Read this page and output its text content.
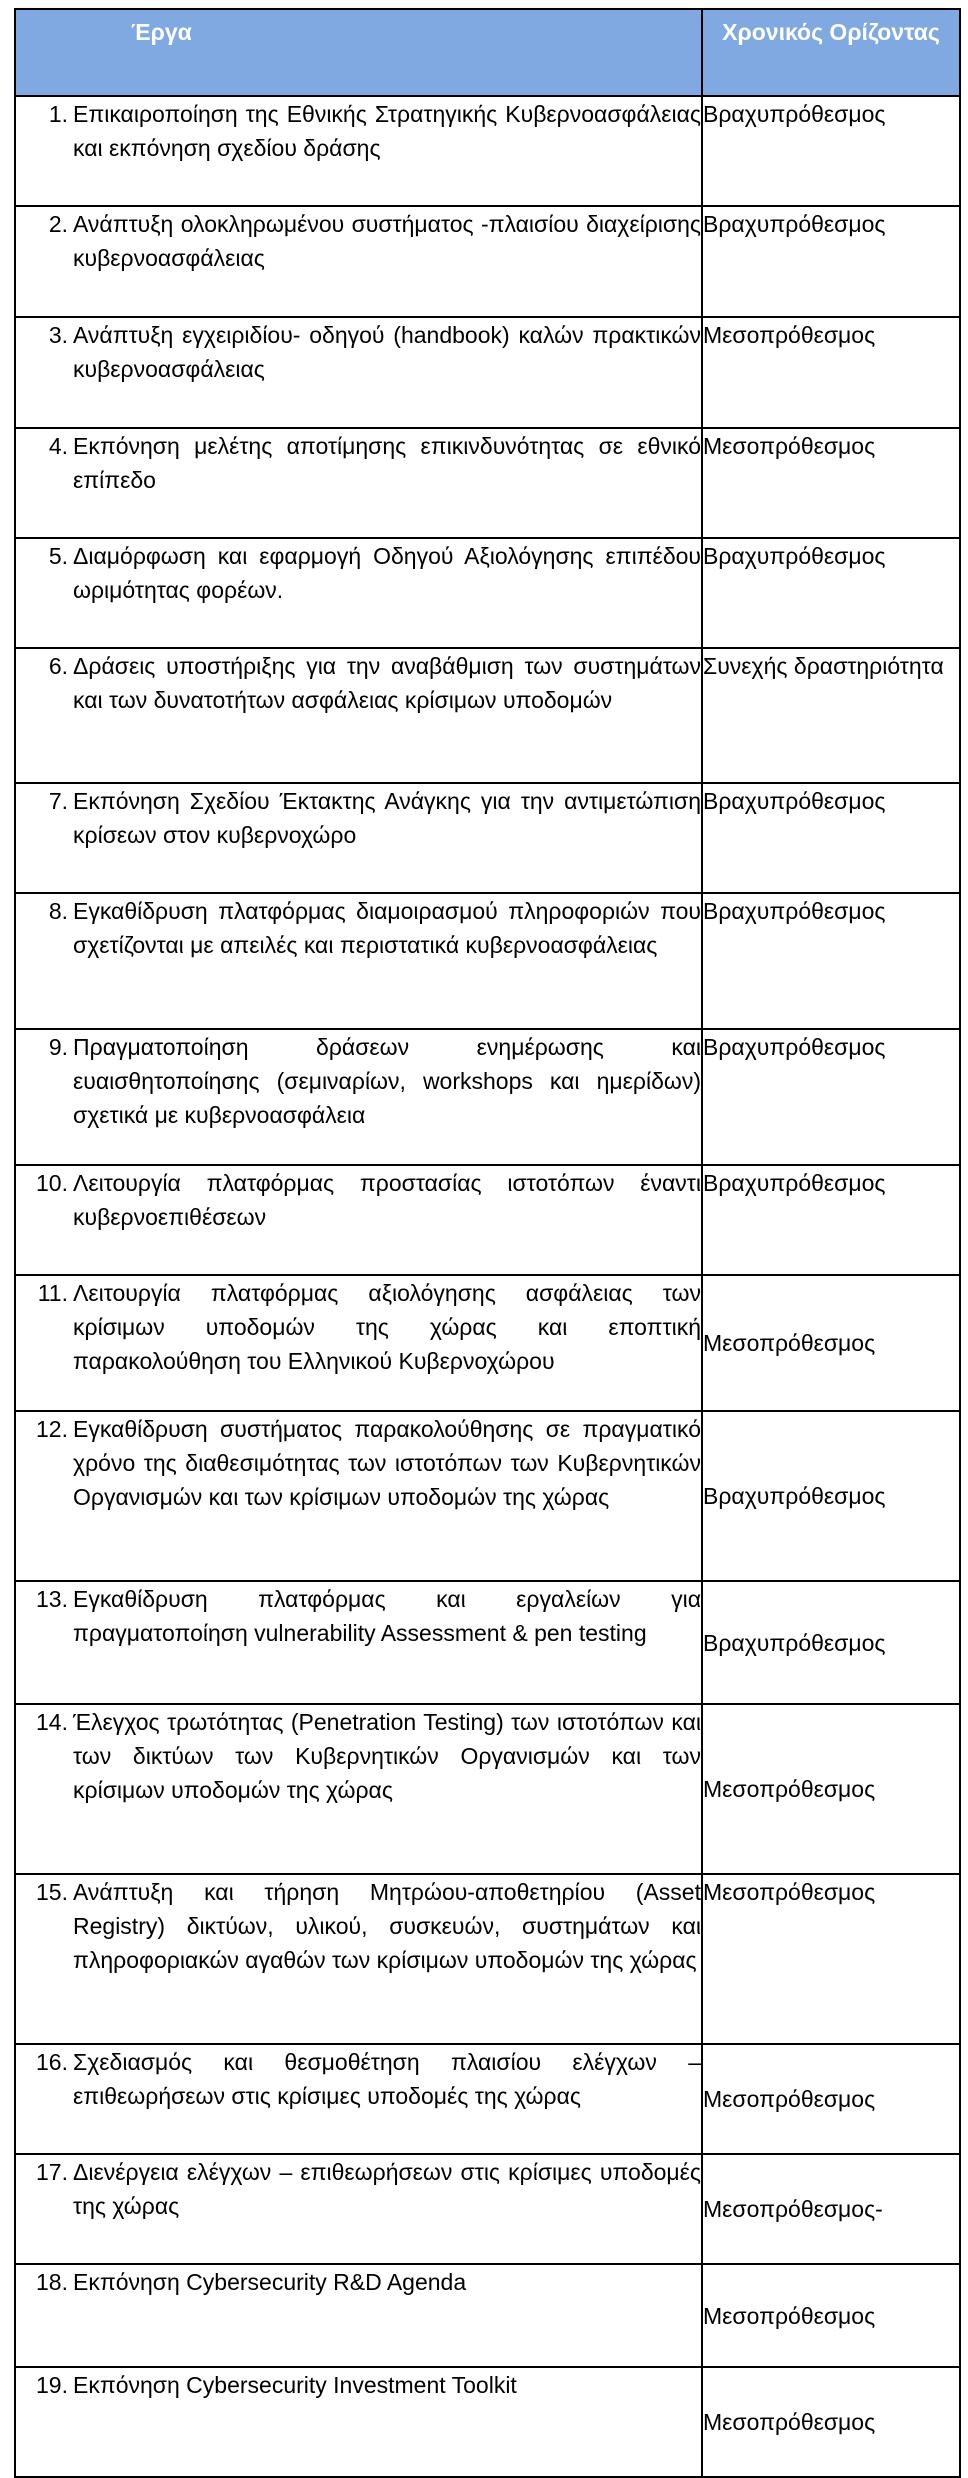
Έργα	Χρονικός Ορίζοντας

1. Επικαιροποίηση της Εθνικής Στρατηγικής Κυβερνοασφάλειας και εκπόνηση σχεδίου δράσης	Βραχυπρόθεσμος

2. Ανάπτυξη ολοκληρωμένου συστήματος -πλαισίου διαχείρισης κυβερνοασφάλειας	Βραχυπρόθεσμος

3. Ανάπτυξη εγχειριδίου- οδηγού (handbook) καλών πρακτικών κυβερνοασφάλειας	Μεσοπρόθεσμος

4. Εκπόνηση μελέτης αποτίμησης επικινδυνότητας σε εθνικό επίπεδο	Μεσοπρόθεσμος

5. Διαμόρφωση και εφαρμογή Οδηγού Αξιολόγησης επιπέδου ωριμότητας φορέων.	Βραχυπρόθεσμος

6. Δράσεις υποστήριξης για την αναβάθμιση των συστημάτων και των δυνατοτήτων ασφάλειας κρίσιμων υποδομών	Συνεχής δραστηριότητα

7. Εκπόνηση Σχεδίου Έκτακτης Ανάγκης για την αντιμετώπιση κρίσεων στον κυβερνοχώρο	Βραχυπρόθεσμος

8. Εγκαθίδρυση πλατφόρμας διαμοιρασμού πληροφοριών που σχετίζονται με απειλές και περιστατικά κυβερνοασφάλειας	Βραχυπρόθεσμος

9. Πραγματοποίηση δράσεων ενημέρωσης και ευαισθητοποίησης (σεμιναρίων, workshops και ημερίδων) σχετικά με κυβερνοασφάλεια	Βραχυπρόθεσμος

10. Λειτουργία πλατφόρμας προστασίας ιστοτόπων έναντι κυβερνοεπιθέσεων	Βραχυπρόθεσμος

11. Λειτουργία πλατφόρμας αξιολόγησης ασφάλειας των κρίσιμων υποδομών της χώρας και εποπτική παρακολούθηση του Ελληνικού Κυβερνοχώρου	Μεσοπρόθεσμος

12. Εγκαθίδρυση συστήματος παρακολούθησης σε πραγματικό χρόνο της διαθεσιμότητας των ιστοτόπων των Κυβερνητικών Οργανισμών και των κρίσιμων υποδομών της χώρας	Βραχυπρόθεσμος

13. Εγκαθίδρυση πλατφόρμας και εργαλείων για πραγματοποίηση vulnerability Assessment & pen testing	Βραχυπρόθεσμος

14. Έλεγχος τρωτότητας (Penetration Testing) των ιστοτόπων και των δικτύων των Κυβερνητικών Οργανισμών και των κρίσιμων υποδομών της χώρας	Μεσοπρόθεσμος

15. Ανάπτυξη και τήρηση Μητρώου-αποθετηρίου (Asset Registry) δικτύων, υλικού, συσκευών, συστημάτων και πληροφοριακών αγαθών των κρίσιμων υποδομών της χώρας	Μεσοπρόθεσμος

16. Σχεδιασμός και θεσμοθέτηση πλαισίου ελέγχων – επιθεωρήσεων στις κρίσιμες υποδομές της χώρας	Μεσοπρόθεσμος

17. Διενέργεια ελέγχων – επιθεωρήσεων στις κρίσιμες υποδομές της χώρας	Μεσοπρόθεσμος-

18. Εκπόνηση Cybersecurity R&D Agenda	Μεσοπρόθεσμος

19. Εκπόνηση Cybersecurity Investment Toolkit	Μεσοπρόθεσμος
